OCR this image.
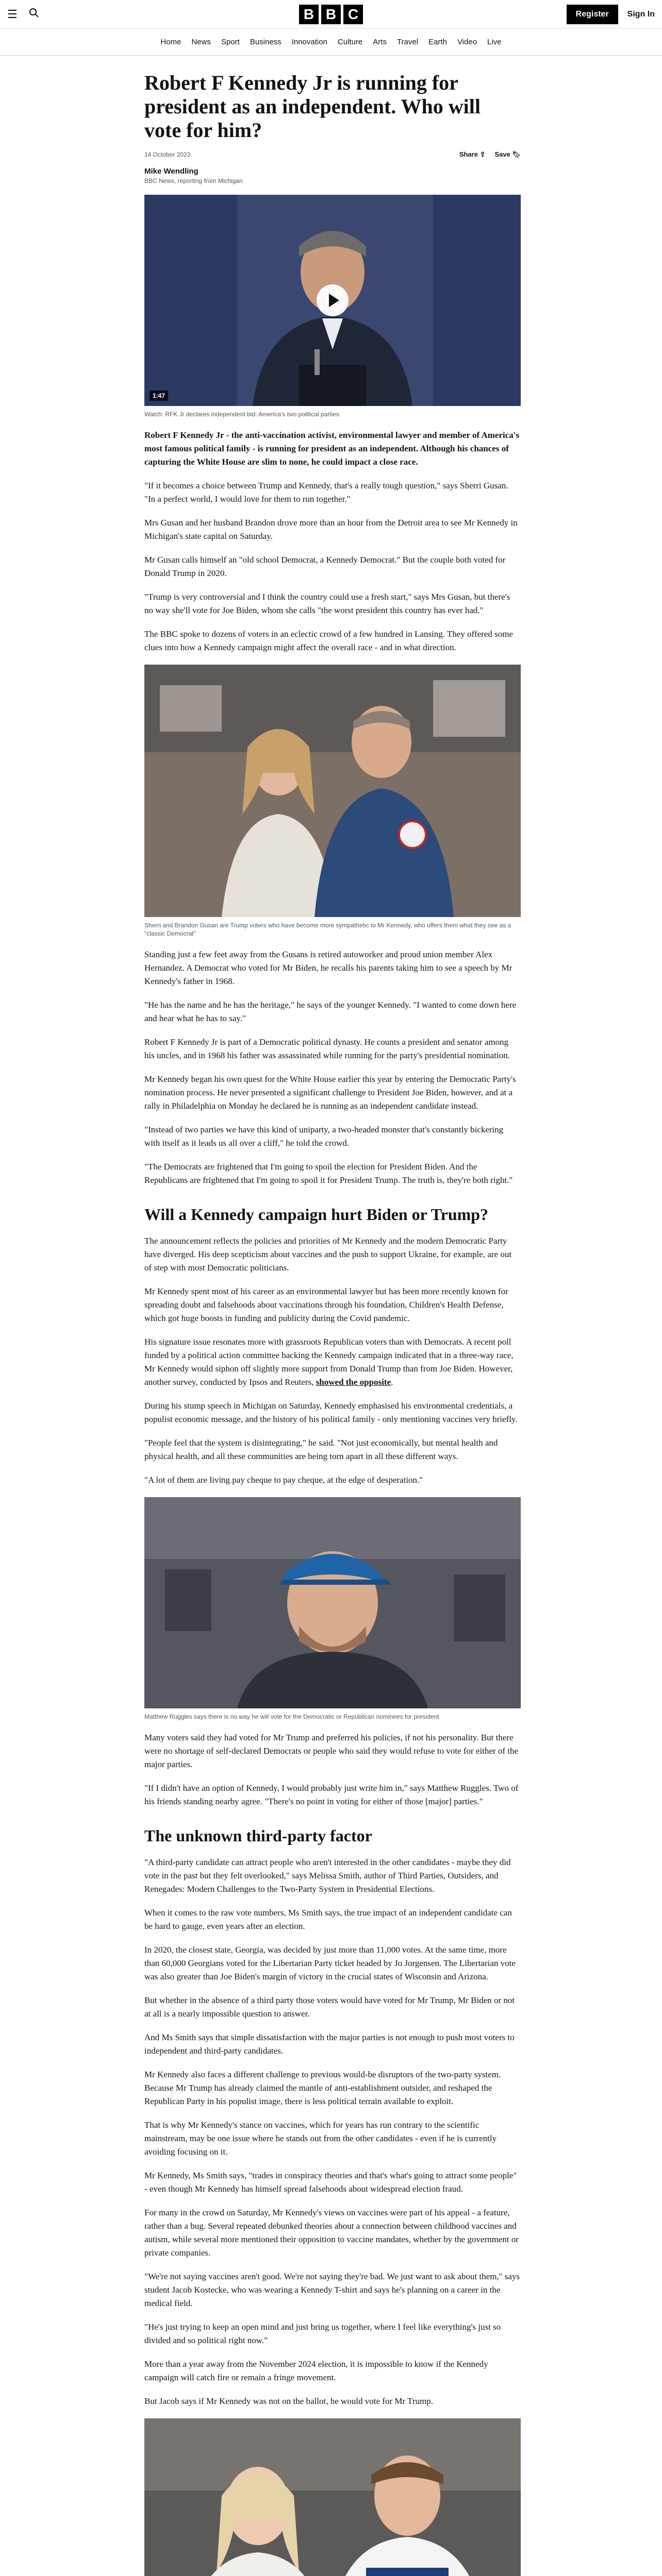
☰	B B C	Register	Sign In
Home News Sport Business Innovation Culture Arts Travel Earth Video Live
Robert F Kennedy Jr is running for president as an independent. Who will vote for him?
14 October 2023	Share ⇪ Save 🔖︎
Mike Wendling
BBC News, reporting from Michigan
1:47
Watch: RFK Jr declares independent bid: America's two political parties

Robert F Kennedy Jr - the anti-vaccination activist, environmental lawyer and member of America's most famous political family - is running for president as an independent. Although his chances of capturing the White House are slim to none, he could impact a close race.

"If it becomes a choice between Trump and Kennedy, that's a really tough question," says Sherri Gusan. "In a perfect world, I would love for them to run together."

Mrs Gusan and her husband Brandon drove more than an hour from the Detroit area to see Mr Kennedy in Michigan's state capital on Saturday.

Mr Gusan calls himself an "old school Democrat, a Kennedy Democrat." But the couple both voted for Donald Trump in 2020.

"Trump is very controversial and I think the country could use a fresh start," says Mrs Gusan, but there's no way she'll vote for Joe Biden, whom she calls "the worst president this country has ever had."

The BBC spoke to dozens of voters in an eclectic crowd of a few hundred in Lansing. They offered some clues into how a Kennedy campaign might affect the overall race - and in what direction.

Sherri and Brandon Gusan are Trump voters who have become more sympathetic to Mr Kennedy, who offers them what they see as a "classic Democrat"

Standing just a few feet away from the Gusans is retired autoworker and proud union member Alex Hernandez. A Democrat who voted for Mr Biden, he recalls his parents taking him to see a speech by Mr Kennedy's father in 1968.

"He has the name and he has the heritage," he says of the younger Kennedy. "I wanted to come down here and hear what he has to say."

Robert F Kennedy Jr is part of a Democratic political dynasty. He counts a president and senator among his uncles, and in 1968 his father was assassinated while running for the party's presidential nomination.

Mr Kennedy began his own quest for the White House earlier this year by entering the Democratic Party's nomination process. He never presented a significant challenge to President Joe Biden, however, and at a rally in Philadelphia on Monday he declared he is running as an independent candidate instead.

"Instead of two parties we have this kind of uniparty, a two-headed monster that's constantly bickering with itself as it leads us all over a cliff," he told the crowd.

"The Democrats are frightened that I'm going to spoil the election for President Biden. And the Republicans are frightened that I'm going to spoil it for President Trump. The truth is, they're both right."

Will a Kennedy campaign hurt Biden or Trump?

The announcement reflects the policies and priorities of Mr Kennedy and the modern Democratic Party have diverged. His deep scepticism about vaccines and the push to support Ukraine, for example, are out of step with most Democratic politicians.

Mr Kennedy spent most of his career as an environmental lawyer but has been more recently known for spreading doubt and falsehoods about vaccinations through his foundation, Children's Health Defense, which got huge boosts in funding and publicity during the Covid pandemic.

His signature issue resonates more with grassroots Republican voters than with Democrats. A recent poll funded by a political action committee backing the Kennedy campaign indicated that in a three-way race, Mr Kennedy would siphon off slightly more support from Donald Trump than from Joe Biden. However, another survey, conducted by Ipsos and Reuters, showed the opposite.

During his stump speech in Michigan on Saturday, Kennedy emphasised his environmental credentials, a populist economic message, and the history of his political family - only mentioning vaccines very briefly.

"People feel that the system is disintegrating," he said. "Not just economically, but mental health and physical health, and all these communities are being torn apart in all these different ways.

"A lot of them are living pay cheque to pay cheque, at the edge of desperation."

Matthew Ruggles says there is no way he will vote for the Democratic or Republican nominees for president

Many voters said they had voted for Mr Trump and preferred his policies, if not his personality. But there were no shortage of self-declared Democrats or people who said they would refuse to vote for either of the major parties.

"If I didn't have an option of Kennedy, I would probably just write him in," says Matthew Ruggles. Two of his friends standing nearby agree. "There's no point in voting for either of those [major] parties."

The unknown third-party factor

"A third-party candidate can attract people who aren't interested in the other candidates - maybe they did vote in the past but they felt overlooked," says Melissa Smith, author of Third Parties, Outsiders, and Renegades: Modern Challenges to the Two-Party System in Presidential Elections.

When it comes to the raw vote numbers, Ms Smith says, the true impact of an independent candidate can be hard to gauge, even years after an election.

In 2020, the closest state, Georgia, was decided by just more than 11,000 votes. At the same time, more than 60,000 Georgians voted for the Libertarian Party ticket headed by Jo Jorgensen. The Libertarian vote was also greater than Joe Biden's margin of victory in the crucial states of Wisconsin and Arizona.

But whether in the absence of a third party those voters would have voted for Mr Trump, Mr Biden or not at all is a nearly impossible question to answer.

And Ms Smith says that simple dissatisfaction with the major parties is not enough to push most voters to independent and third-party candidates.

Mr Kennedy also faces a different challenge to previous would-be disruptors of the two-party system. Because Mr Trump has already claimed the mantle of anti-establishment outsider, and reshaped the Republican Party in his populist image, there is less political terrain available to exploit.

That is why Mr Kennedy's stance on vaccines, which for years has run contrary to the scientific mainstream, may be one issue where he stands out from the other candidates - even if he is currently avoiding focusing on it.

Mr Kennedy, Ms Smith says, "trades in conspiracy theories and that's what's going to attract some people" - even though Mr Kennedy has himself spread falsehoods about widespread election fraud.

For many in the crowd on Saturday, Mr Kennedy's views on vaccines were part of his appeal - a feature, rather than a bug. Several repeated debunked theories about a connection between childhood vaccines and autism, while several more mentioned their opposition to vaccine mandates, whether by the government or private companies.

"We're not saying vaccines aren't good. We're not saying they're bad. We just want to ask about them," says student Jacob Kostecke, who was wearing a Kennedy T-shirt and says he's planning on a career in the medical field.

"He's just trying to keep an open mind and just bring us together, where I feel like everything's just so divided and so political right now."

More than a year away from the November 2024 election, it is impossible to know if the Kennedy campaign will catch fire or remain a fringe movement.

But Jacob says if Mr Kennedy was not on the ballot, he would vote for Mr Trump.
